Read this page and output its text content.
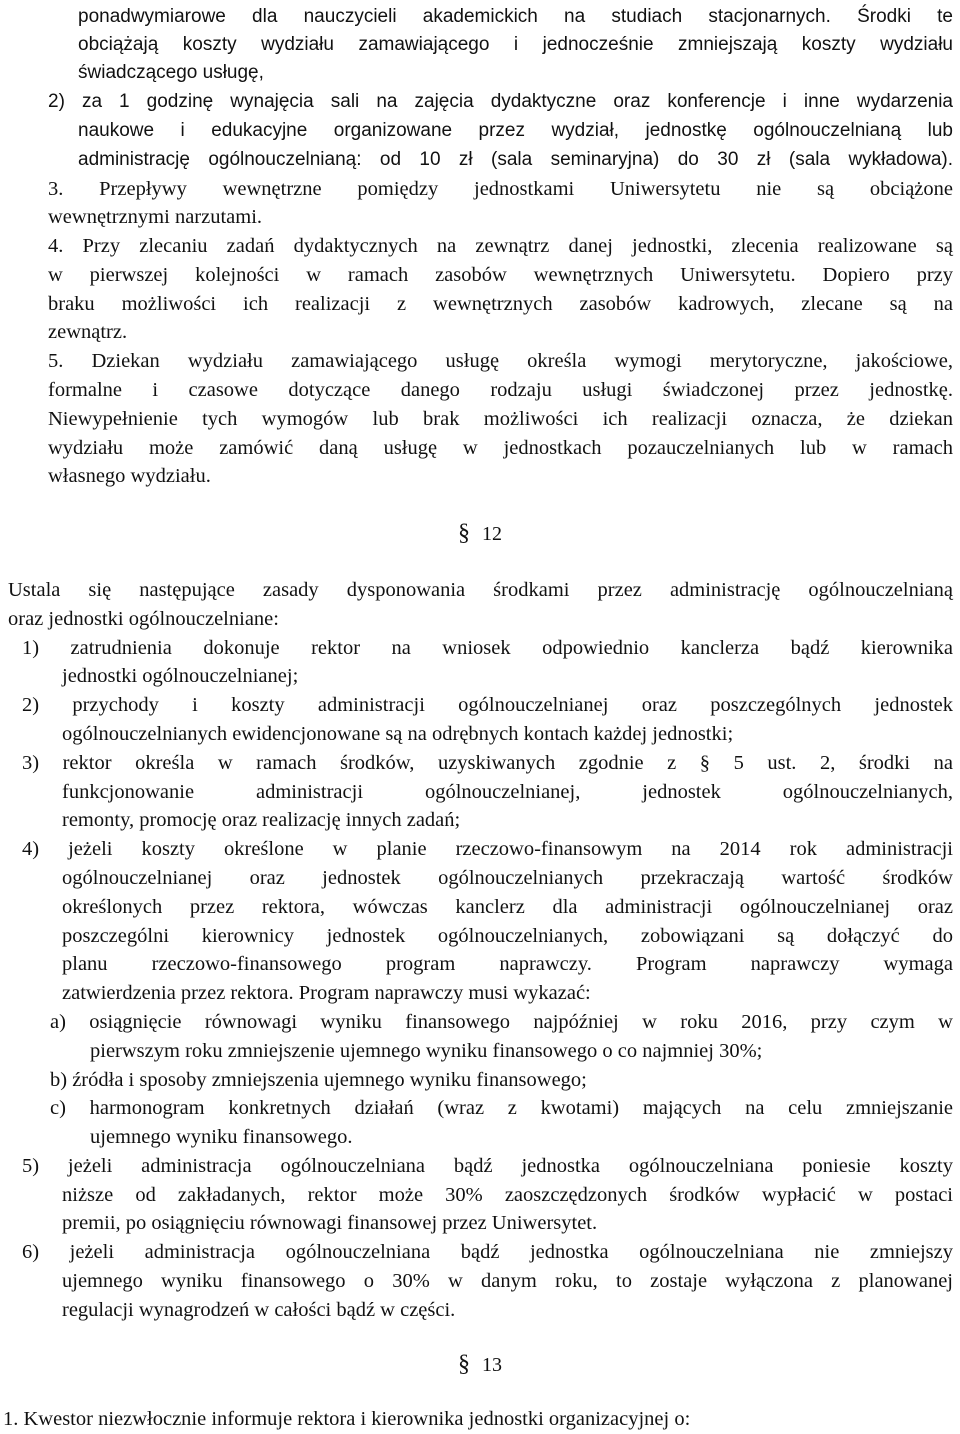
ponadwymiarowe dla nauczycieli akademickich na studiach stacjonarnych. Środki te
obciążają koszty wydziału zamawiającego i jednocześnie zmniejszają koszty wydziału
świadczącego usługę,
2) za 1 godzinę wynajęcia sali na zajęcia dydaktyczne oraz konferencje i inne wydarzenia
naukowe i edukacyjne organizowane przez wydział, jednostkę ogólnouczelnianą lub
administrację ogólnouczelnianą: od 10 zł (sala seminaryjna) do 30 zł (sala wykładowa).
3. Przepływy wewnętrzne pomiędzy jednostkami Uniwersytetu nie są obciążone
wewnętrznymi narzutami.
4. Przy zlecaniu zadań dydaktycznych na zewnątrz danej jednostki, zlecenia realizowane są
w pierwszej kolejności w ramach zasobów wewnętrznych Uniwersytetu. Dopiero przy
braku możliwości ich realizacji z wewnętrznych zasobów kadrowych, zlecane są na
zewnątrz.
5. Dziekan wydziału zamawiającego usługę określa wymogi merytoryczne, jakościowe,
formalne i czasowe dotyczące danego rodzaju usługi świadczonej przez jednostkę.
Niewypełnienie tych wymogów lub brak możliwości ich realizacji oznacza, że dziekan
wydziału może zamówić daną usługę w jednostkach pozauczelnianych lub w ramach
własnego wydziału.
§ 12
Ustala się następujące zasady dysponowania środkami przez administrację ogólnouczelnianą
oraz jednostki ogólnouczelniane:
1) zatrudnienia dokonuje rektor na wniosek odpowiednio kanclerza bądź kierownika
jednostki ogólnouczelnianej;
2) przychody i koszty administracji ogólnouczelnianej oraz poszczególnych jednostek
ogólnouczelnianych ewidencjonowane są na odrębnych kontach każdej jednostki;
3) rektor określa w ramach środków, uzyskiwanych zgodnie z § 5 ust. 2, środki na
funkcjonowanie administracji ogólnouczelnianej, jednostek ogólnouczelnianych,
remonty, promocję oraz realizację innych zadań;
4) jeżeli koszty określone w planie rzeczowo-finansowym na 2014 rok administracji
ogólnouczelnianej oraz jednostek ogólnouczelnianych przekraczają wartość środków
określonych przez rektora, wówczas kanclerz dla administracji ogólnouczelnianej oraz
poszczególni kierownicy jednostek ogólnouczelnianych, zobowiązani są dołączyć do
planu rzeczowo-finansowego program naprawczy. Program naprawczy wymaga
zatwierdzenia przez rektora. Program naprawczy musi wykazać:
a) osiągnięcie równowagi wyniku finansowego najpóźniej w roku 2016, przy czym w
pierwszym roku zmniejszenie ujemnego wyniku finansowego o co najmniej 30%;
b) źródła i sposoby zmniejszenia ujemnego wyniku finansowego;
c) harmonogram konkretnych działań (wraz z kwotami) mających na celu zmniejszanie
ujemnego wyniku finansowego.
5) jeżeli administracja ogólnouczelniana bądź jednostka ogólnouczelniana poniesie koszty
niższe od zakładanych, rektor może 30% zaoszczędzonych środków wypłacić w postaci
premii, po osiągnięciu równowagi finansowej przez Uniwersytet.
6) jeżeli administracja ogólnouczelniana bądź jednostka ogólnouczelniana nie zmniejszy
ujemnego wyniku finansowego o 30% w danym roku, to zostaje wyłączona z planowanej
regulacji wynagrodzeń w całości bądź w części.
§ 13
1. Kwestor niezwłocznie informuje rektora i kierownika jednostki organizacyjnej o:
